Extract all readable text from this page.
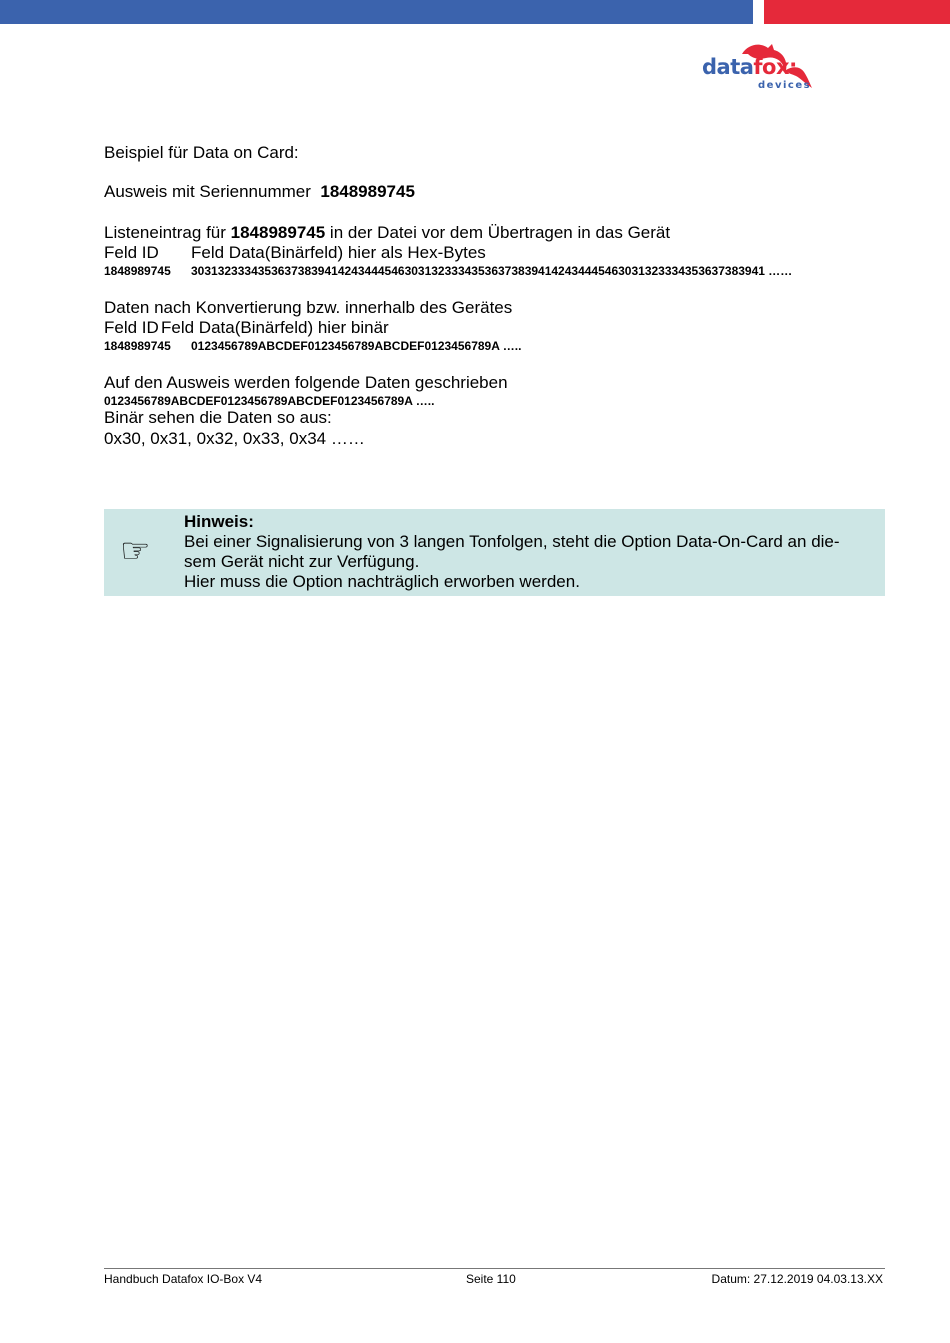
datafox:
devices
Beispiel für Data on Card:
Ausweis mit Seriennummer 1848989745
Listeneintrag für 1848989745 in der Datei vor dem Übertragen in das Gerät
Feld ID Feld Data(Binärfeld) hier als Hex-Bytes
1848989745 30313233343536373839414243444546303132333435363738394142434445463031323334353637383941 ……
Daten nach Konvertierung bzw. innerhalb des Gerätes
Feld ID Feld Data(Binärfeld) hier binär
1848989745 0123456789ABCDEF0123456789ABCDEF0123456789A …..
Auf den Ausweis werden folgende Daten geschrieben
0123456789ABCDEF0123456789ABCDEF0123456789A …..
Binär sehen die Daten so aus:
0x30, 0x31, 0x32, 0x33, 0x34 ……
☞
Hinweis:
Bei einer Signalisierung von 3 langen Tonfolgen, steht die Option Data-On-Card an die-
sem Gerät nicht zur Verfügung.
Hier muss die Option nachträglich erworben werden.
Handbuch Datafox IO-Box V4	Seite 110	Datum: 27.12.2019 04.03.13.XX
